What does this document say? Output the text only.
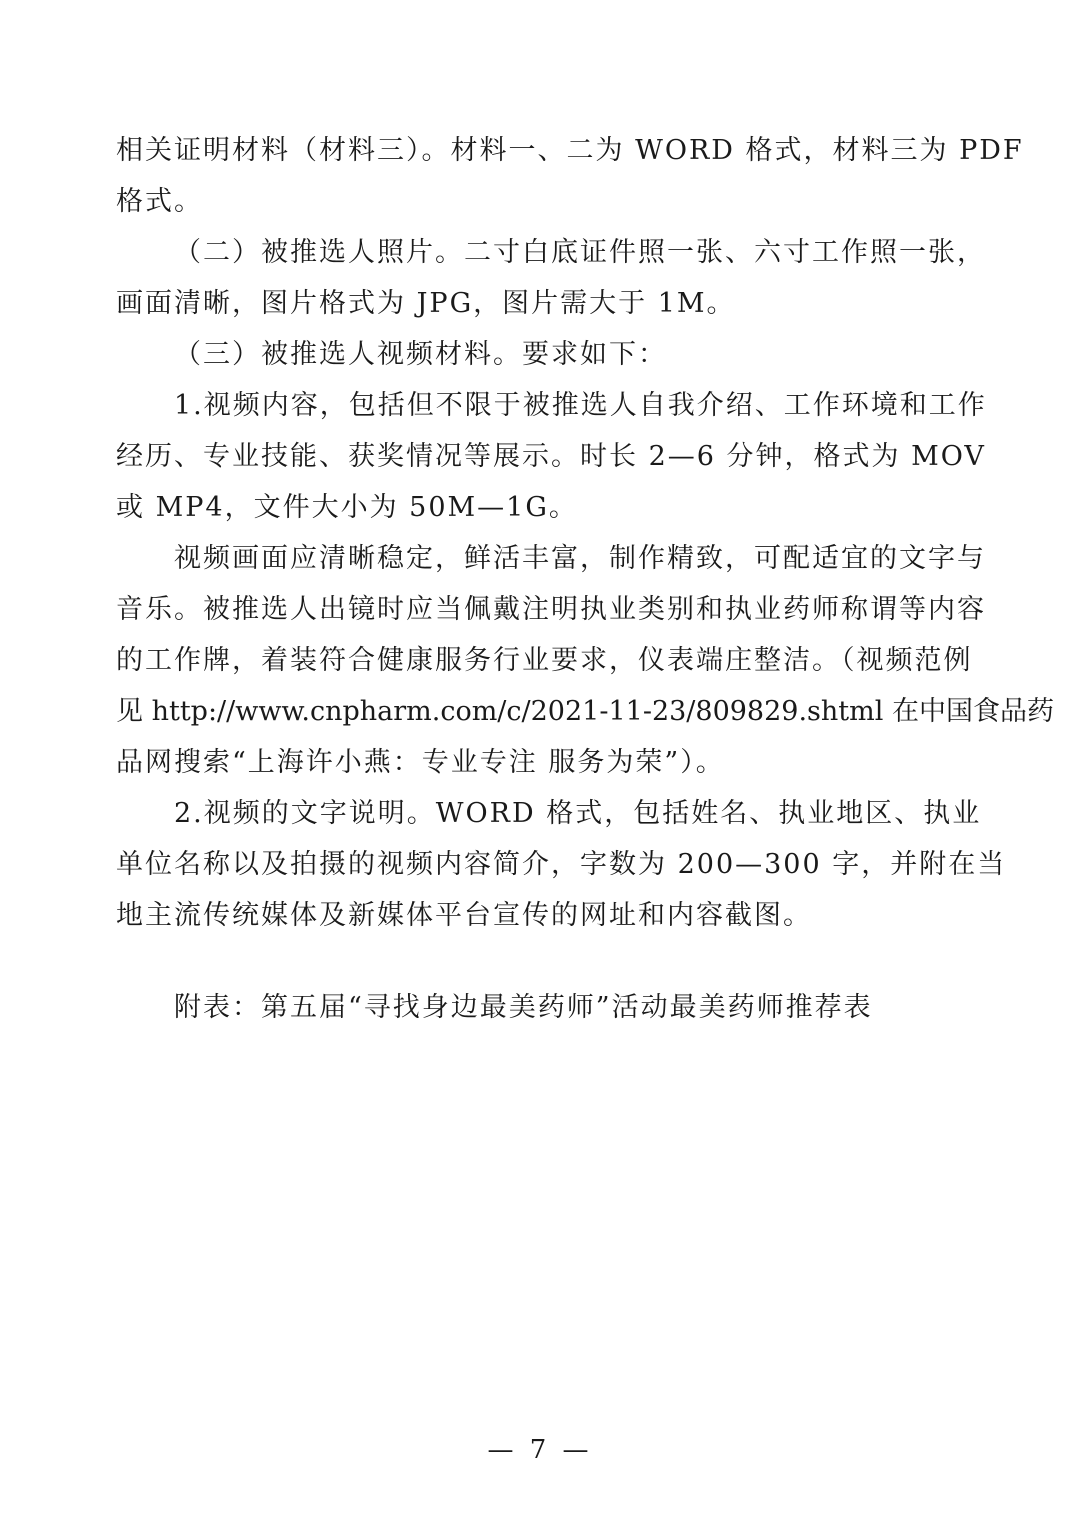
相关证明材料（材料三）。材料一、二为 WORD 格式，材料三为 PDF
格式。
（二）被推选人照片。二寸白底证件照一张、六寸工作照一张，
画面清晰，图片格式为 JPG，图片需大于 1M。
（三）被推选人视频材料。要求如下：
1.视频内容，包括但不限于被推选人自我介绍、工作环境和工作
经历、专业技能、获奖情况等展示。时长 2—6 分钟，格式为 MOV
或 MP4，文件大小为 50M—1G。
视频画面应清晰稳定，鲜活丰富，制作精致，可配适宜的文字与
音乐。被推选人出镜时应当佩戴注明执业类别和执业药师称谓等内容
的工作牌，着装符合健康服务行业要求，仪表端庄整洁。（视频范例
见 http://www.cnpharm.com/c/2021-11-23/809829.shtml 在中国食品药
品网搜索“上海许小燕：专业专注 服务为荣”）。
2.视频的文字说明。WORD 格式，包括姓名、执业地区、执业
单位名称以及拍摄的视频内容简介，字数为 200—300 字，并附在当
地主流传统媒体及新媒体平台宣传的网址和内容截图。
附表：第五届“寻找身边最美药师”活动最美药师推荐表
— 7 —
